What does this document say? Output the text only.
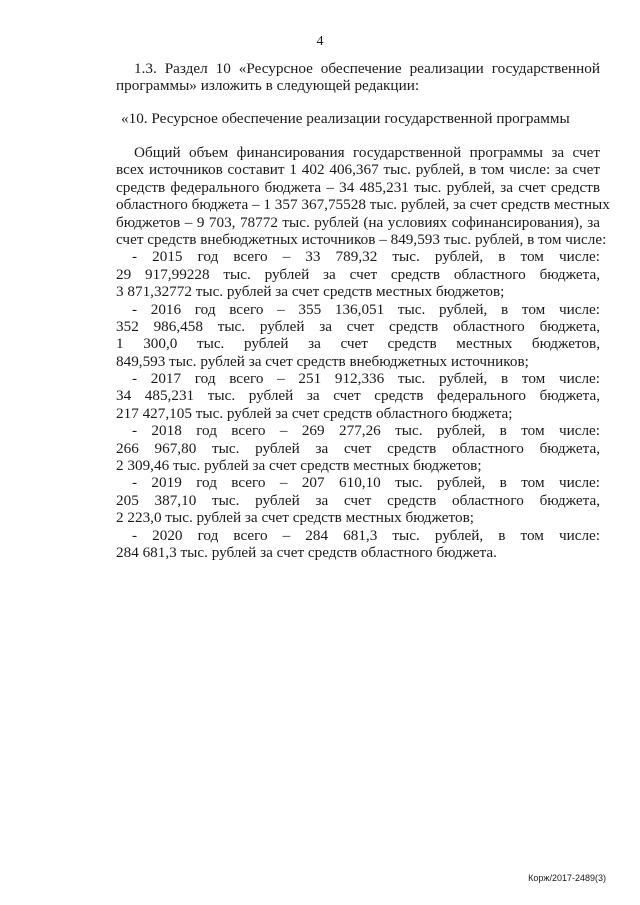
4
1.3. Раздел 10 «Ресурсное обеспечение реализации государственной
программы» изложить в следующей редакции:
«10. Ресурсное обеспечение реализации государственной программы
Общий объем финансирования государственной программы за счет
всех источников составит 1 402 406,367 тыс. рублей, в том числе: за счет
средств федерального бюджета – 34 485,231 тыс. рублей, за счет средств
областного бюджета – 1 357 367,75528 тыс. рублей, за счет средств местных
бюджетов – 9 703, 78772 тыс. рублей (на условиях софинансирования), за
счет средств внебюджетных источников – 849,593 тыс. рублей, в том числе:
- 2015 год всего – 33 789,32 тыс. рублей, в том числе:
29 917,99228 тыс. рублей за счет средств областного бюджета,
3 871,32772 тыс. рублей за счет средств местных бюджетов;
- 2016 год всего – 355 136,051 тыс. рублей, в том числе:
352 986,458 тыс. рублей за счет средств областного бюджета,
1 300,0 тыс. рублей за счет средств местных бюджетов,
849,593 тыс. рублей за счет средств внебюджетных источников;
- 2017 год всего – 251 912,336 тыс. рублей, в том числе:
34 485,231 тыс. рублей за счет средств федерального бюджета,
217 427,105 тыс. рублей за счет средств областного бюджета;
- 2018 год всего – 269 277,26 тыс. рублей, в том числе:
266 967,80 тыс. рублей за счет средств областного бюджета,
2 309,46 тыс. рублей за счет средств местных бюджетов;
- 2019 год всего – 207 610,10 тыс. рублей, в том числе:
205 387,10 тыс. рублей за счет средств областного бюджета,
2 223,0 тыс. рублей за счет средств местных бюджетов;
- 2020 год всего – 284 681,3 тыс. рублей, в том числе:
284 681,3 тыс. рублей за счет средств областного бюджета.
Корж/2017-2489(3)
